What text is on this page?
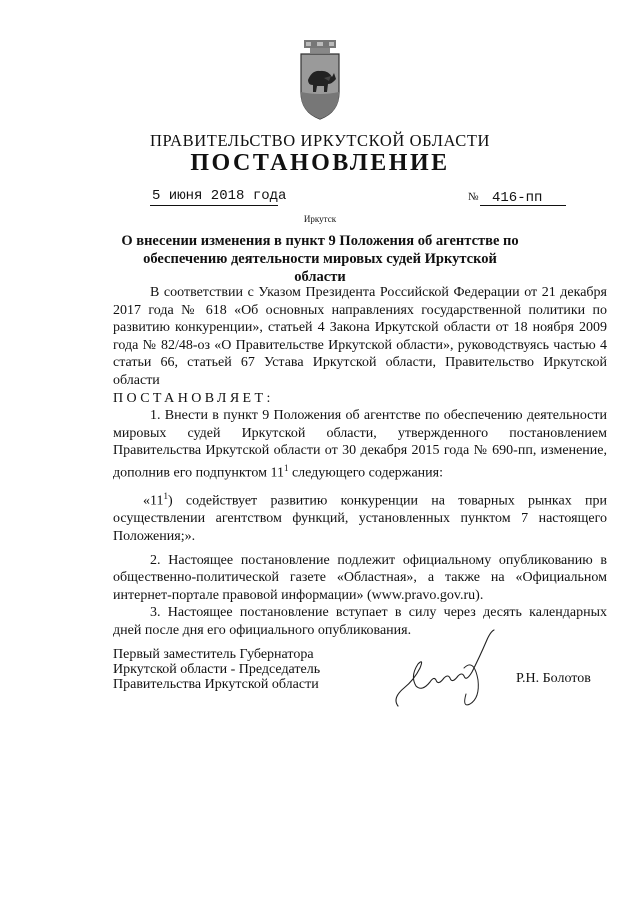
ПРАВИТЕЛЬСТВО ИРКУТСКОЙ ОБЛАСТИ
ПОСТАНОВЛЕНИЕ
5 июня 2018 года	№ 416-пп
Иркутск
О внесении изменения в пункт 9 Положения об агентстве по
обеспечению деятельности мировых судей Иркутской области

В соответствии с Указом Президента Российской Федерации от 21 декабря 2017 года № 618 «Об основных направлениях государственной политики по развитию конкуренции», статьей 4 Закона Иркутской области от 18 ноября 2009 года № 82/48-оз «О Правительстве Иркутской области», руководствуясь частью 4 статьи 66, статьей 67 Устава Иркутской области, Правительство Иркутской области

ПОСТАНОВЛЯЕТ:

1. Внести в пункт 9 Положения об агентстве по обеспечению деятельности мировых судей Иркутской области, утвержденного постановлением Правительства Иркутской области от 30 декабря 2015 года № 690-пп, изменение, дополнив его подпунктом $11^1$ следующего содержания:

«$11^1$) содействует развитию конкуренции на товарных рынках при осуществлении агентством функций, установленных пунктом 7 настоящего Положения;».

2. Настоящее постановление подлежит официальному опубликованию в общественно-политической газете «Областная», а также на «Официальном интернет-портале правовой информации» (www.pravo.gov.ru).

3. Настоящее постановление вступает в силу через десять календарных дней после дня его официального опубликования.

Первый заместитель Губернатора
Иркутской области - Председатель
Правительства Иркутской области	Р.Н. Болотов
